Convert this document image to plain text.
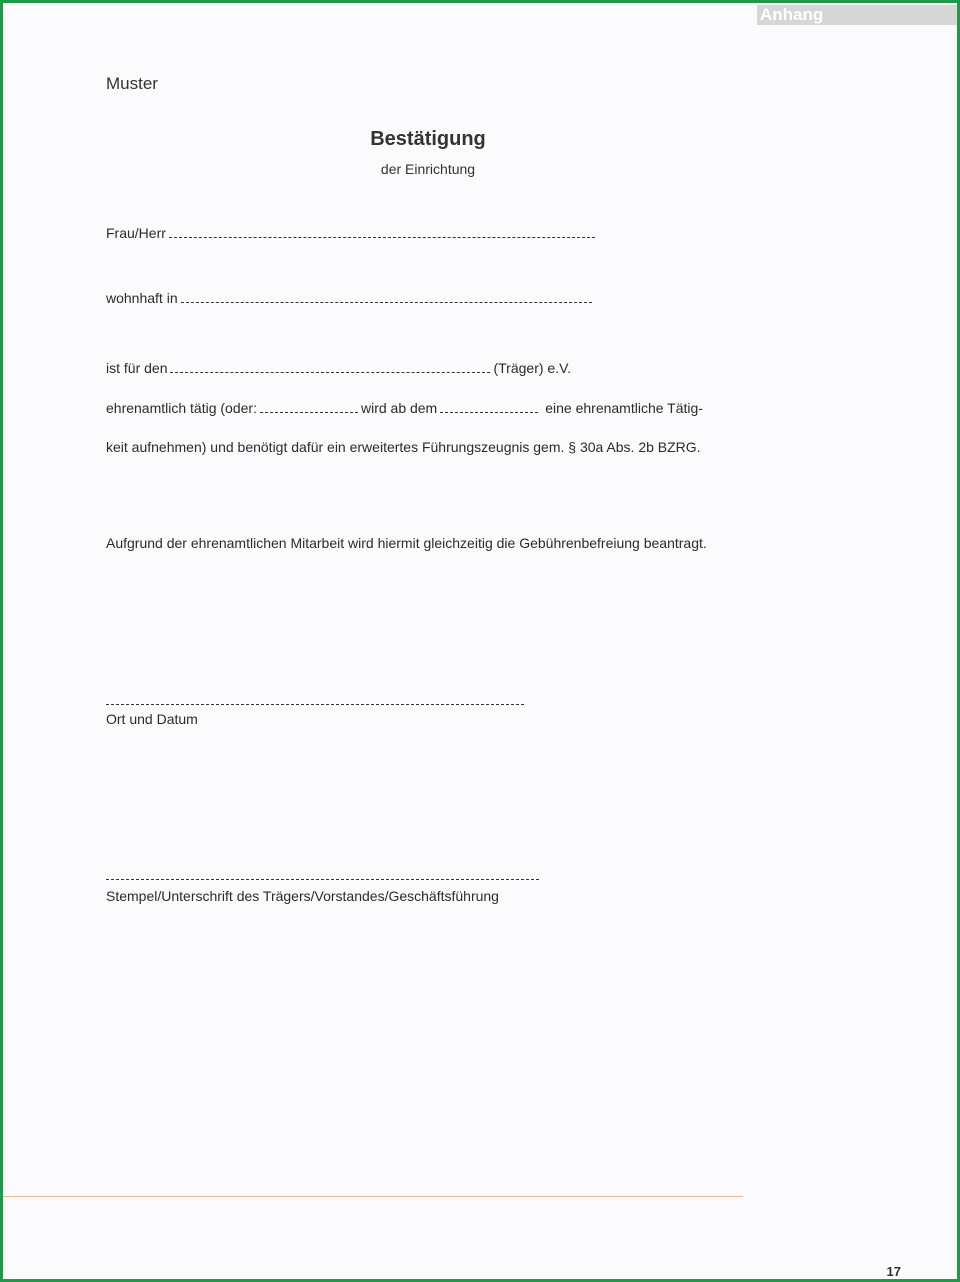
Anhang
Muster
Bestätigung
der Einrichtung
Frau/Herr
wohnhaft in
ist für den	(Träger) e.V.
ehrenamtlich tätig (oder:	wird ab dem	eine ehrenamtliche Tätig-
keit aufnehmen) und benötigt dafür ein erweitertes Führungszeugnis gem. § 30a Abs. 2b BZRG.
Aufgrund der ehrenamtlichen Mitarbeit wird hiermit gleichzeitig die Gebührenbefreiung beantragt.
Ort und Datum
Stempel/Unterschrift des Trägers/Vorstandes/Geschäftsführung
17
